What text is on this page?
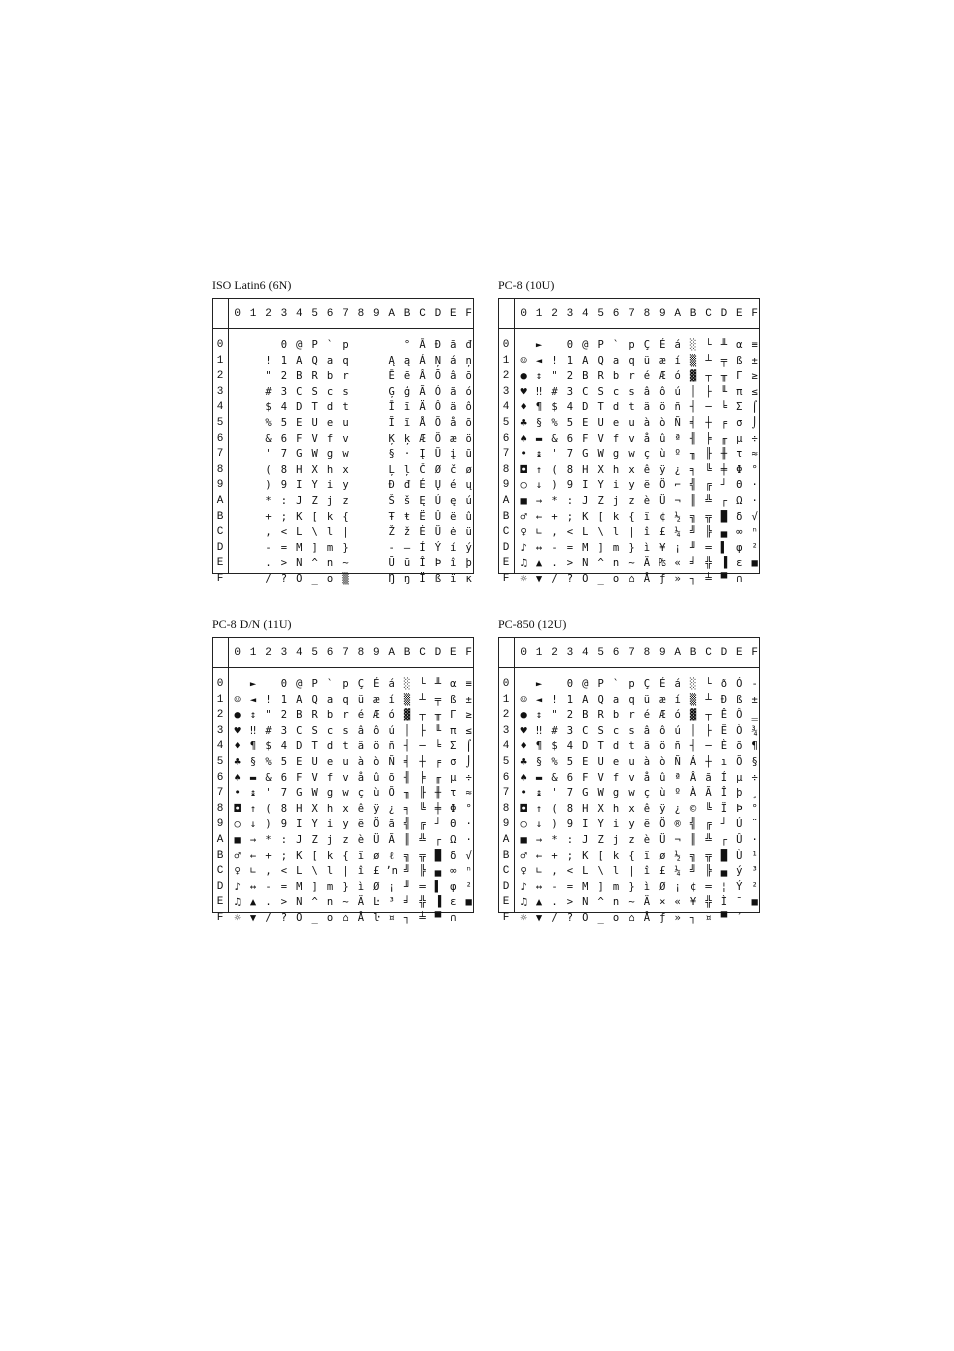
ISO Latin6 (6N)
0 1 2 3 4 5 6 7 8 9 A B C D E F
0	0 @ P ` p	° Ā Đ ā đ
1	! 1 A Q a q	Ą ą Á Ņ á ņ
2	" 2 B R b r	Ē ē Â Ō â ō
3	# 3 C S c s	Ģ ģ Ã Ó ã ó
4	$ 4 D T d t	Ī ī Ä Ô ä ô
5	% 5 E U e u	Ĩ ĩ Å Õ å õ
6	& 6 F V f v	Ķ ķ Æ Ö æ ö
7	' 7 G W g w	§ · Į Ũ į ũ
8	( 8 H X h x	Ļ ļ Č Ø č ø
9	) 9 I Y i y	Đ đ É Ų é ų
A	* : J Z j z	Š š Ę Ú ę ú
B	+ ; K [ k {	Ŧ ŧ Ë Û ë û
C	, < L \ l |	Ž ž Ė Ü ė ü
D	- = M ] m }	- ― Í Ý í ý
E	. > N ^ n ~	Ū ū Î Þ î þ
F	/ ? O _ o ▒	Ŋ ŋ Ï ß ï ĸ
PC-8 (10U)
0 1 2 3 4 5 6 7 8 9 A B C D E F
0	►	0 @ P ` p Ç É á ░ └ ╨ α ≡
1	☺ ◄ ! 1 A Q a q ü æ í ▒ ┴ ╤ ß ±
2	● ↕ " 2 B R b r é Æ ó ▓ ┬ ╥ Γ ≥
3	♥ ‼ # 3 C S c s â ô ú │ ├ ╙ π ≤
4	♦ ¶ $ 4 D T d t ä ö ñ ┤ ─ ╘ Σ ⌠
5	♣ § % 5 E U e u à ò Ñ ╡ ┼ ╒ σ ⌡
6	♠ ▬ & 6 F V f v å û ª ╢ ╞ ╓ µ ÷
7	• ↨ ' 7 G W g w ç ù º ╖ ╟ ╫ τ ≈
8	◘ ↑ ( 8 H X h x ê ÿ ¿ ╕ ╚ ╪ Φ °
9	○ ↓ ) 9 I Y i y ë Ö ⌐ ╣ ╔ ┘ Θ ·
A	■ → * : J Z j z è Ü ¬ ║ ╩ ┌ Ω ·
B	♂ ← + ; K [ k { ï ¢ ½ ╗ ╦ █ δ √
C	♀ ∟ , < L \ l | î £ ¼ ╝ ╠ ▄ ∞ ⁿ
D	♪ ↔ - = M ] m } ì ¥ ¡ ╜ ═ ▌ φ ²
E	♫ ▲ . > N ^ n ~ Ä ₧ « ╛ ╬ ▐ ε ■
F	☼ ▼ / ? O _ o ⌂ Å ƒ » ┐ ╧ ▀ ∩
PC-8 D/N (11U)
0 1 2 3 4 5 6 7 8 9 A B C D E F
0	►	0 @ P ` p Ç É á ░ └ ╨ α ≡
1	☺ ◄ ! 1 A Q a q ü æ í ▒ ┴ ╤ ß ±
2	● ↕ " 2 B R b r é Æ ó ▓ ┬ ╥ Γ ≥
3	♥ ‼ # 3 C S c s â ô ú │ ├ ╙ π ≤
4	♦ ¶ $ 4 D T d t ä ö ñ ┤ ─ ╘ Σ ⌠
5	♣ § % 5 E U e u à ò Ñ ╡ ┼ ╒ σ ⌡
6	♠ ▬ & 6 F V f v å û õ ╢ ╞ ╓ µ ÷
7	• ↨ ' 7 G W g w ç ù Õ ╖ ╟ ╫ τ ≈
8	◘ ↑ ( 8 H X h x ê ÿ ¿ ╕ ╚ ╪ Φ °
9	○ ↓ ) 9 I Y i y ë Ö ã ╣ ╔ ┘ Θ ·
A	■ → * : J Z j z è Ü Ã ║ ╩ ┌ Ω ·
B	♂ ← + ; K [ k { ï ø ℓ ╗ ╦ █ δ √
C	♀ ∟ , < L \ l | î £ ʼn ╝ ╠ ▄ ∞ ⁿ
D	♪ ↔ - = M ] m } ì Ø ¡ ╜ ═ ▌ φ ²
E	♫ ▲ . > N ^ n ~ Ä Ŀ ³ ╛ ╬ ▐ ε ■
F	☼ ▼ / ? O _ o ⌂ Å ŀ ¤ ┐ ╧ ▀ ∩
PC-850 (12U)
0 1 2 3 4 5 6 7 8 9 A B C D E F
0	►	0 @ P ` p Ç É á ░ └ ð Ó -
1	☺ ◄ ! 1 A Q a q ü æ í ▒ ┴ Đ ß ±
2	● ↕ " 2 B R b r é Æ ó ▓ ┬ Ê Ô ‗
3	♥ ‼ # 3 C S c s â ô ú │ ├ Ë Ò ¾
4	♦ ¶ $ 4 D T d t ä ö ñ ┤ ─ È õ ¶
5	♣ § % 5 E U e u à ò Ñ Á ┼ ı Õ §
6	♠ ▬ & 6 F V f v å û ª Â ã Í µ ÷
7	• ↨ ' 7 G W g w ç ù º À Ã Î þ ¸
8	◘ ↑ ( 8 H X h x ê ÿ ¿ © ╚ Ï Þ °
9	○ ↓ ) 9 I Y i y ë Ö ® ╣ ╔ ┘ Ú ¨
A	■ → * : J Z j z è Ü ¬ ║ ╩ ┌ Û ·
B	♂ ← + ; K [ k { ï ø ½ ╗ ╦ █ Ù ¹
C	♀ ∟ , < L \ l | î £ ¼ ╝ ╠ ▄ ý ³
D	♪ ↔ - = M ] m } ì Ø ¡ ¢ ═ ¦ Ý ²
E	♫ ▲ . > N ^ n ~ Ä × « ¥ ╬ Ì ¯ ■
F	☼ ▼ / ? O _ o ⌂ Å ƒ » ┐ ¤ ▀ ´
